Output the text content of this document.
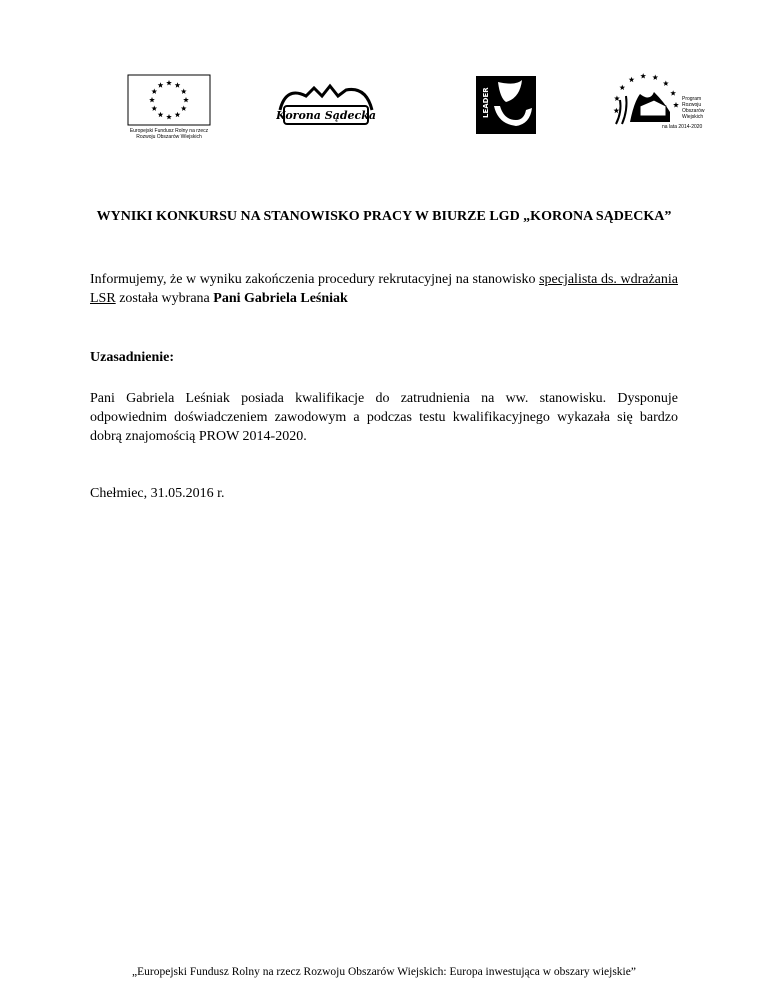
Europejski Fundusz Rolny na rzecz
Rozwoju Obszarów Wiejskich
Korona Sądecka	LEADER	Program
Rozwoju
Obszarów
Wiejskich
na lata 2014-2020
WYNIKI KONKURSU NA STANOWISKO PRACY W BIURZE LGD „KORONA SĄDECKA”

Informujemy, że w wyniku zakończenia procedury rekrutacyjnej na stanowisko specjalista ds. wdrażania LSR została wybrana Pani Gabriela Leśniak

Uzasadnienie:

Pani Gabriela Leśniak posiada kwalifikacje do zatrudnienia na ww. stanowisku. Dysponuje odpowiednim doświadczeniem zawodowym a podczas testu kwalifikacyjnego wykazała się bardzo dobrą znajomością PROW 2014-2020.

Chełmiec, 31.05.2016 r.
„Europejski Fundusz Rolny na rzecz Rozwoju Obszarów Wiejskich: Europa inwestująca w obszary wiejskie”
